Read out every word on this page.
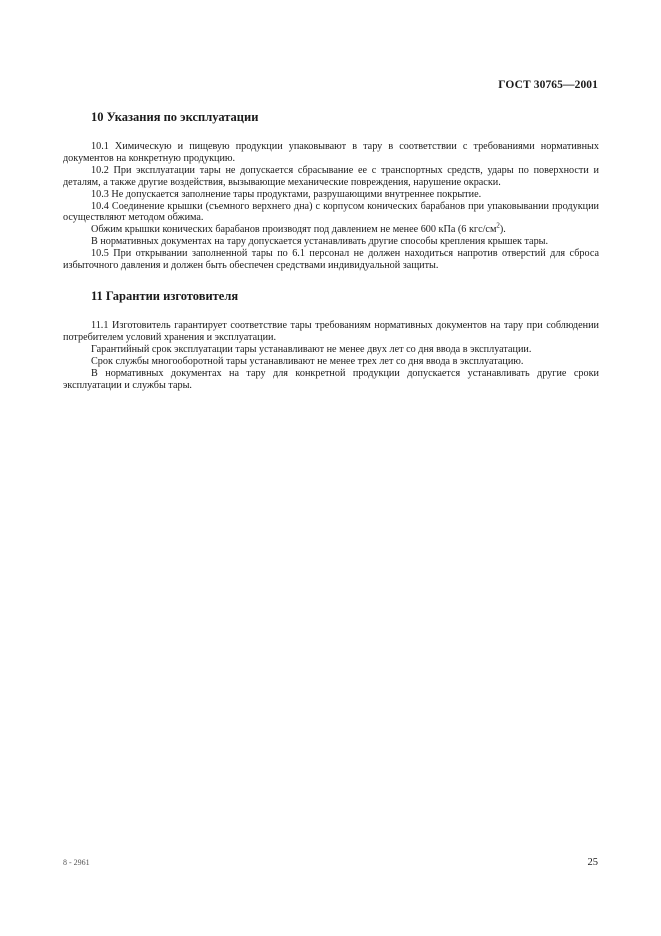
ГОСТ 30765—2001
10 Указания по эксплуатации

10.1 Химическую и пищевую продукции упаковывают в тару в соответствии с требованиями нормативных документов на конкретную продукцию.

10.2 При эксплуатации тары не допускается сбрасывание ее с транспортных средств, удары по поверхности и деталям, а также другие воздействия, вызывающие механические повреждения, нарушение окраски.

10.3 Не допускается заполнение тары продуктами, разрушающими внутреннее покрытие.

10.4 Соединение крышки (съемного верхнего дна) с корпусом конических барабанов при упаковывании продукции осуществляют методом обжима.

Обжим крышки конических барабанов производят под давлением не менее 600 кПа (6 кгс/$см^2$).

В нормативных документах на тару допускается устанавливать другие способы крепления крышек тары.

10.5 При открывании заполненной тары по 6.1 персонал не должен находиться напротив отверстий для сброса избыточного давления и должен быть обеспечен средствами индивидуальной защиты.

11 Гарантии изготовителя

11.1 Изготовитель гарантирует соответствие тары требованиям нормативных документов на тару при соблюдении потребителем условий хранения и эксплуатации.

Гарантийный срок эксплуатации тары устанавливают не менее двух лет со дня ввода в эксплуатации.

Срок службы многооборотной тары устанавливают не менее трех лет со дня ввода в эксплуатацию.

В нормативных документах на тару для конкретной продукции допускается устанавливать другие сроки эксплуатации и службы тары.

8 - 2961	25
